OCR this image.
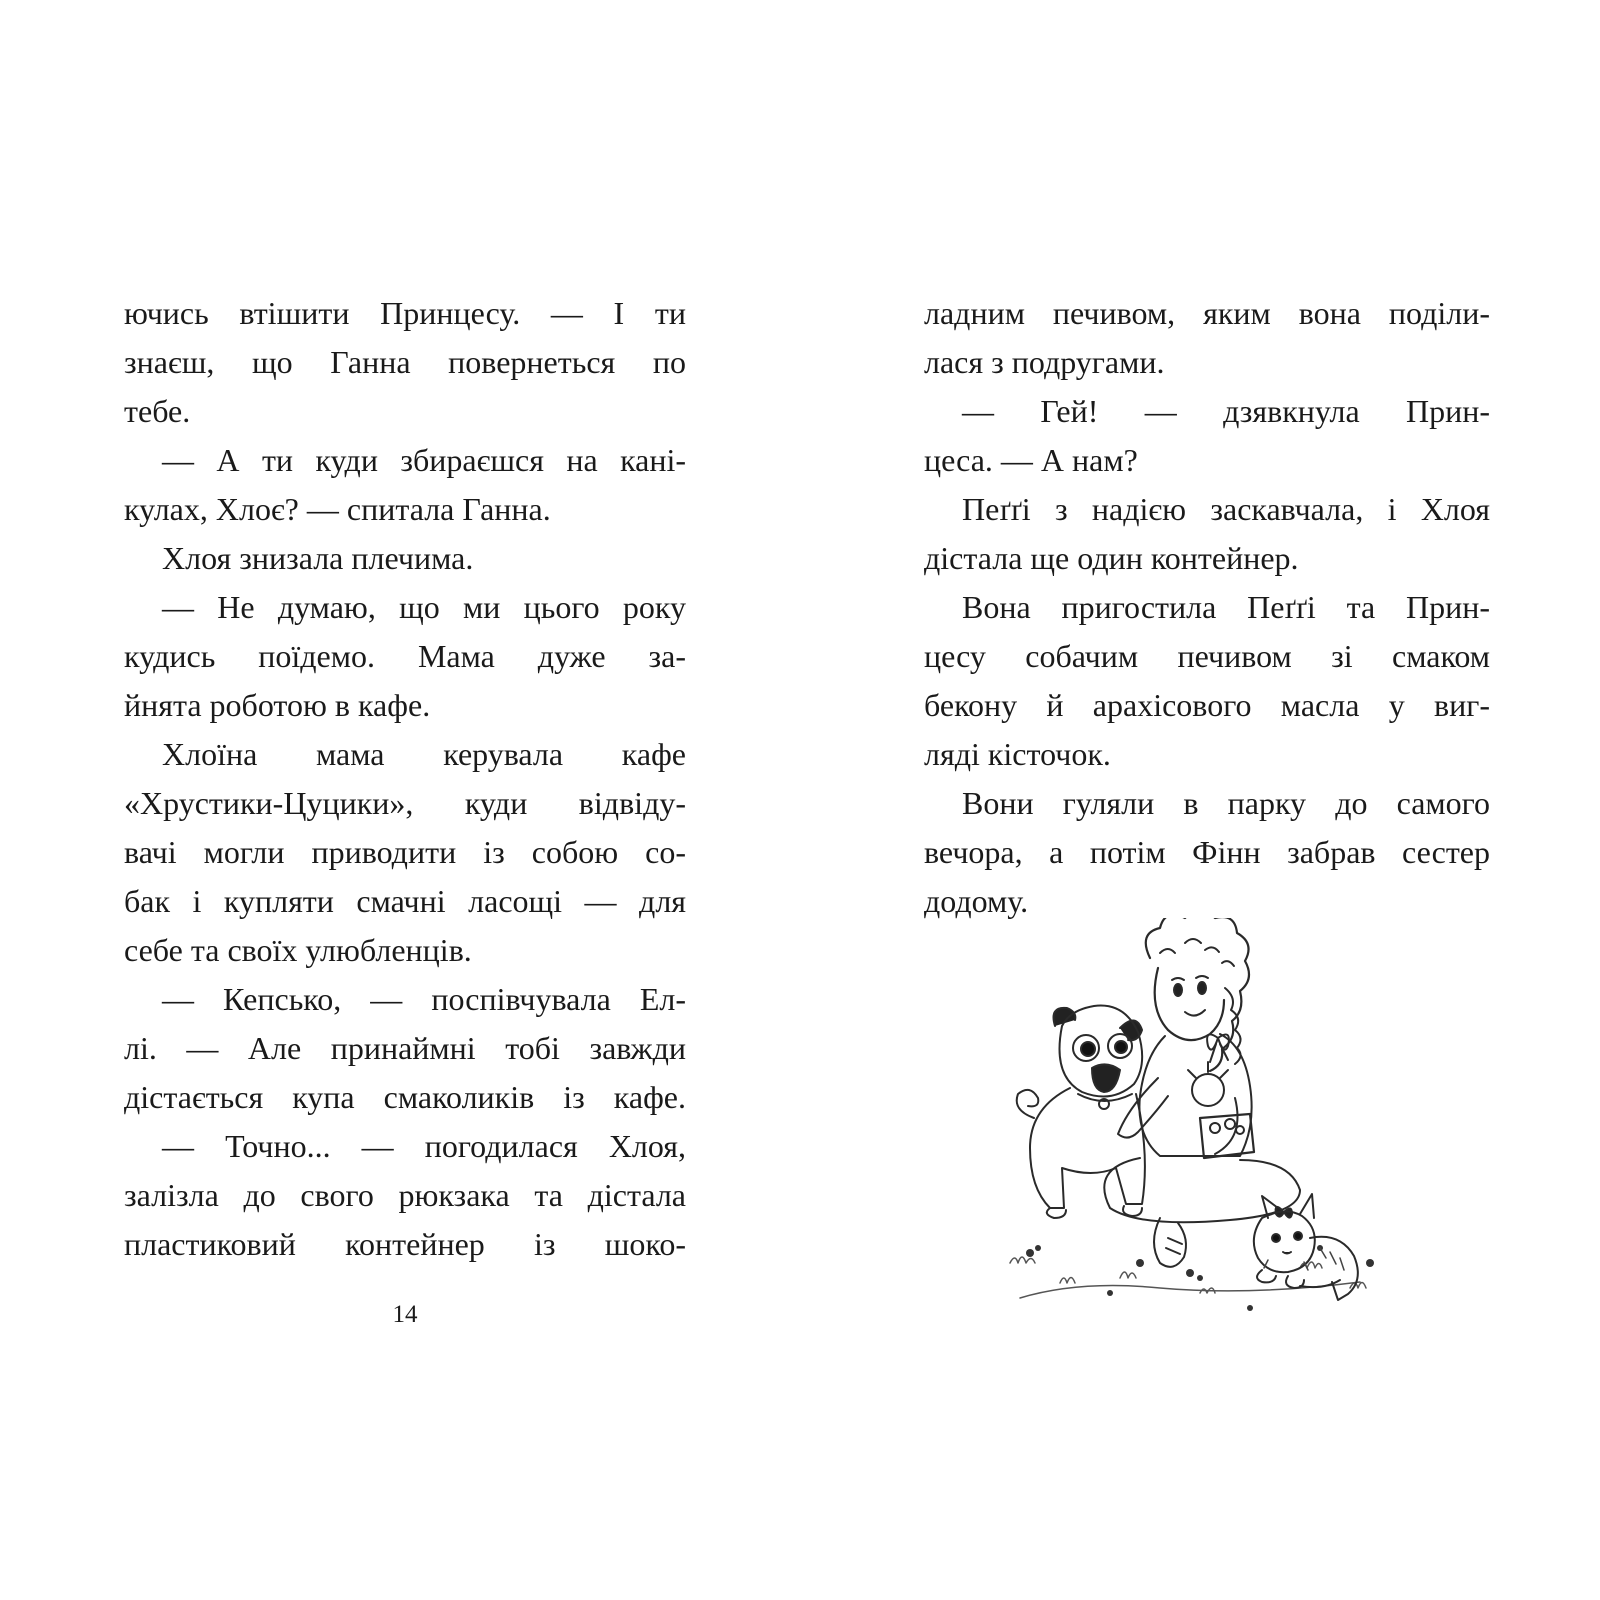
ючись втішити Принцесу. — І ти
знаєш, що Ганна повернеться по
тебе.
— А ти куди збираєшся на кані-
кулах, Хлоє? — спитала Ганна.
Хлоя знизала плечима.
— Не думаю, що ми цього року
кудись поїдемо. Мама дуже за-
йнята роботою в кафе.
Хлоїна мама керувала кафе
«Хрустики-Цуцики», куди відвіду-
вачі могли приводити із собою со-
бак і купляти смачні ласощі — для
себе та своїх улюбленців.
— Кепсько, — поспівчувала Ел-
лі. — Але принаймні тобі завжди
дістається купа смаколиків із кафе.
— Точно... — погодилася Хлоя,
залізла до свого рюкзака та дістала
пластиковий контейнер із шоко-
14
ладним печивом, яким вона поділи-
лася з подругами.
— Гей! — дзявкнула Прин-
цеса. — А нам?
Пеґґі з надією заскавчала, і Хлоя
дістала ще один контейнер.
Вона пригостила Пеґґі та Прин-
цесу собачим печивом зі смаком
бекону й арахісового масла у виг-
ляді кісточок.
Вони гуляли в парку до самого
вечора, а потім Фінн забрав сестер
додому.
